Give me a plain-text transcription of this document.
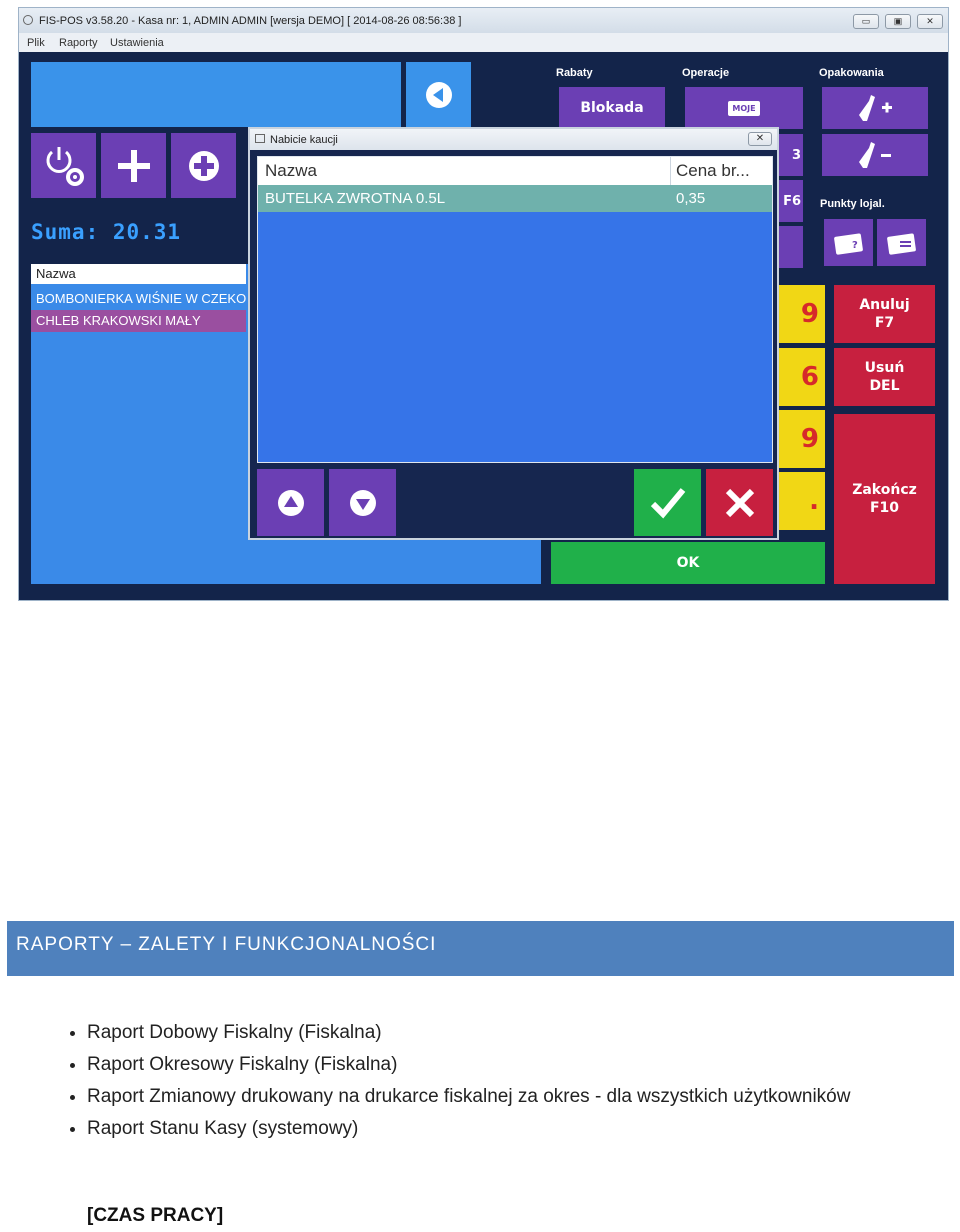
FIS-POS v3.58.20 - Kasa nr: 1, ADMIN ADMIN [wersja DEMO] [ 2014-08-26 08:56:38 ]	▭	▣	✕
Plik Raporty Ustawienia
Suma: 20.31
Nazwa
BOMBONIERKA WIŚNIE W CZEKO
CHLEB KRAKOWSKI MAŁY
Rabaty	Operacje	Opakowania
Blokada	MOJE
3
F6 Punkty lojal.
?
9
6
9
.
Anuluj
F7
Usuń
DEL
Zakończ
F10
OK
Nabicie kaucji	✕
Nazwa	Cena br...
BUTELKA ZWROTNA 0.5L	0,35
RAPORTY – ZALETY I FUNKCJONALNOŚCI
• Raport Dobowy Fiskalny (Fiskalna)
• Raport Okresowy Fiskalny (Fiskalna)
• Raport Zmianowy drukowany na drukarce fiskalnej za okres - dla wszystkich użytkowników
• Raport Stanu Kasy (systemowy)
[CZAS PRACY]
